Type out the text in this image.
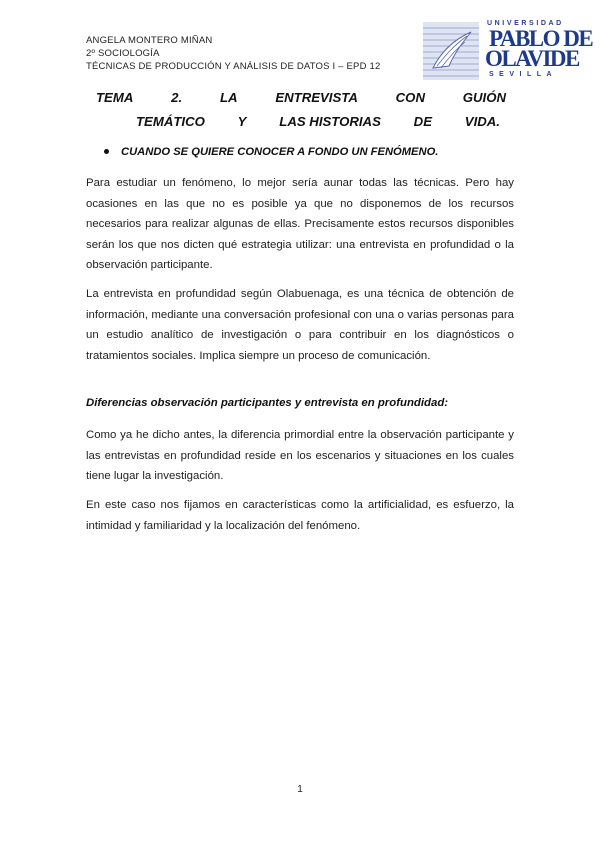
ANGELA MONTERO MIÑAN
2º SOCIOLOGÍA
TÉCNICAS DE PRODUCCIÓN Y ANÁLISIS DE DATOS I – EPD 12
UNIVERSIDAD
PABLO DE
OLAVIDE
SEVILLA
TEMA	2.	LA	ENTREVISTA	CON	GUIÓN
TEMÁTICO Y LAS HISTORIAS DE VIDA.
CUANDO SE QUIERE CONOCER A FONDO UN FENÓMENO.
Para estudiar un fenómeno, lo mejor sería aunar todas las técnicas. Pero hay ocasiones en las que no es posible ya que no disponemos de los recursos necesarios para realizar algunas de ellas. Precisamente estos recursos disponibles serán los que nos dicten qué estrategia utilizar: una entrevista en profundidad o la observación participante.
La entrevista en profundidad según Olabuenaga, es una técnica de obtención de información, mediante una conversación profesional con una o varias personas para un estudio analítico de investigación o para contribuir en los diagnósticos o tratamientos sociales. Implica siempre un proceso de comunicación.
Diferencias observación participantes y entrevista en profundidad:
Como ya he dicho antes, la diferencia primordial entre la observación participante y las entrevistas en profundidad reside en los escenarios y situaciones en los cuales tiene lugar la investigación.
En este caso nos fijamos en características como la artificialidad, es esfuerzo, la intimidad y familiaridad y la localización del fenómeno.
1
